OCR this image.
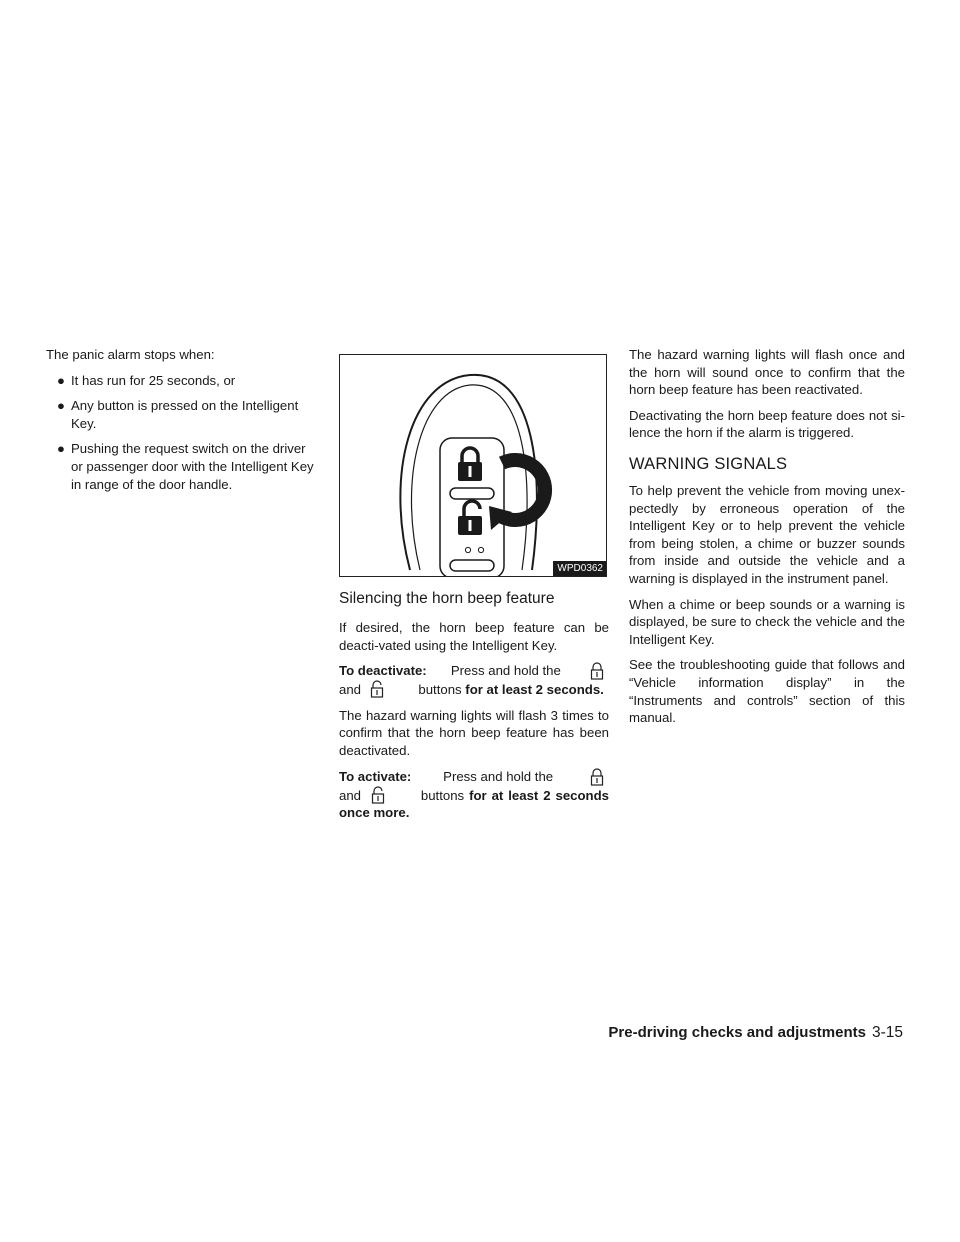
The panic alarm stops when:

● It has run for 25 seconds, or
● Any button is pressed on the Intelligent Key.
● Pushing the request switch on the driver or passenger door with the Intelligent Key in range of the door handle.
WPD0362
Silencing the horn beep feature

If desired, the horn beep feature can be deacti-vated using the Intelligent Key.

To deactivate: Press and hold the
and	buttons for at least 2 seconds.

The hazard warning lights will flash 3 times to confirm that the horn beep feature has been deactivated.

To activate: Press and hold the
and	buttons for at least 2 seconds once more.

The hazard warning lights will flash once and the horn will sound once to confirm that the horn beep feature has been reactivated.

Deactivating the horn beep feature does not si-lence the horn if the alarm is triggered.

WARNING SIGNALS

To help prevent the vehicle from moving unex-pectedly by erroneous operation of the Intelligent Key or to help prevent the vehicle from being stolen, a chime or buzzer sounds from inside and outside the vehicle and a warning is displayed in the instrument panel.

When a chime or beep sounds or a warning is displayed, be sure to check the vehicle and the Intelligent Key.

See the troubleshooting guide that follows and “Vehicle information display” in the “Instruments and controls” section of this manual.

Pre-driving checks and adjustments 3-15
